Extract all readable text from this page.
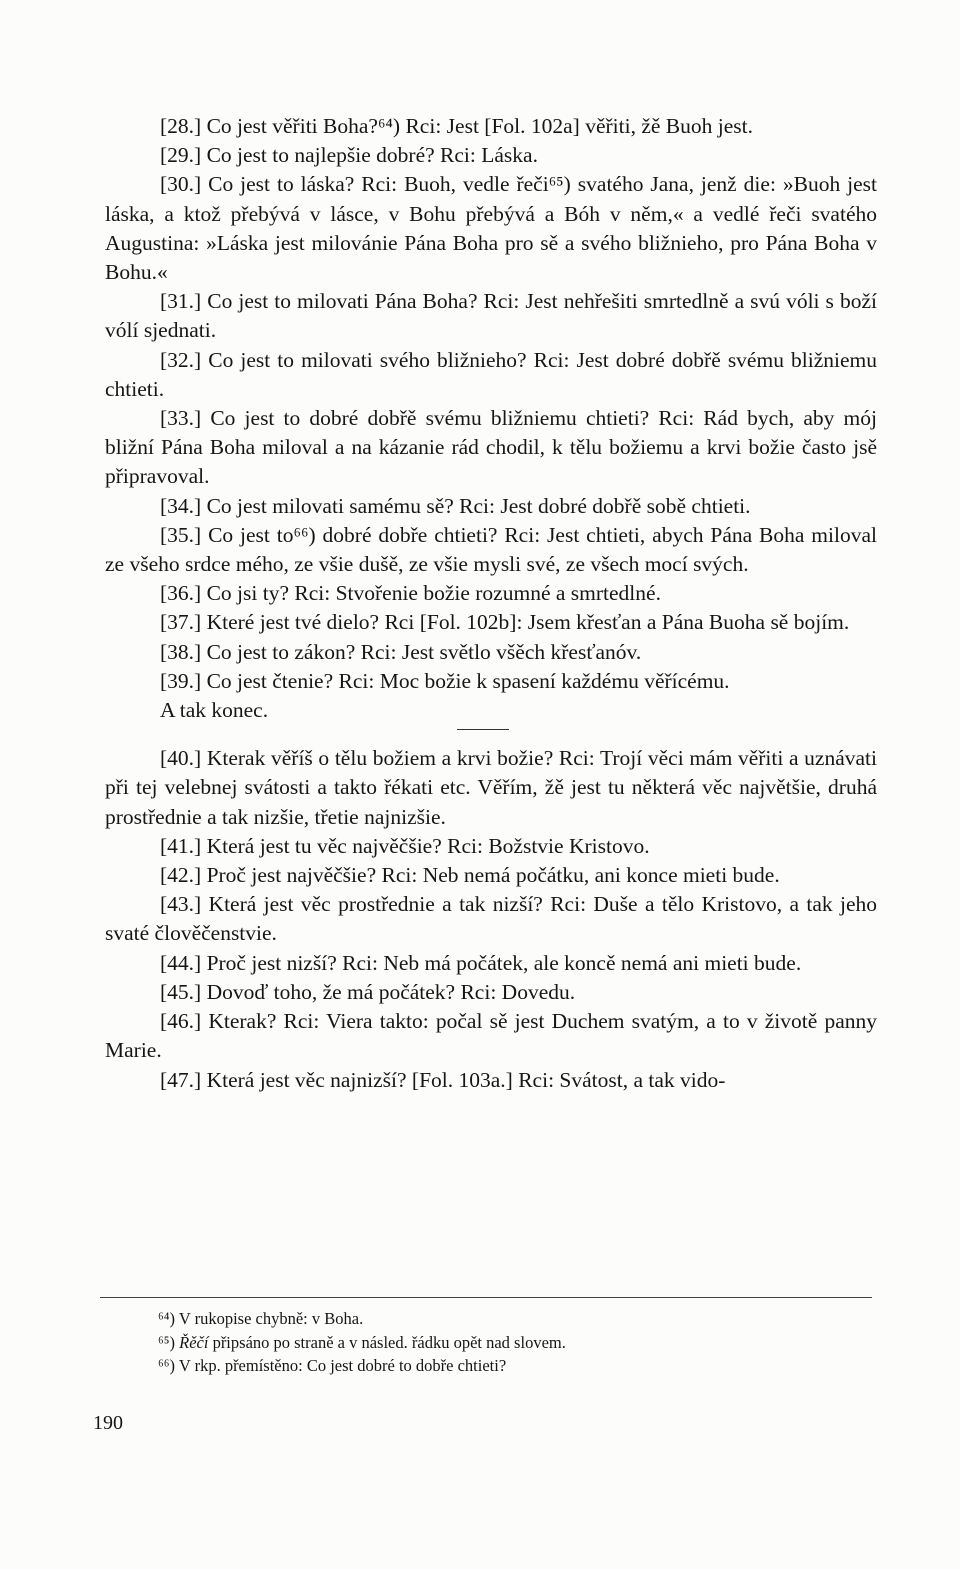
[28.] Co jest věřiti Boha?⁶⁴) Rci: Jest [Fol. 102a] věřiti, žě Buoh jest.

[29.] Co jest to najlepšie dobré? Rci: Láska.

[30.] Co jest to láska? Rci: Buoh, vedle řeči⁶⁵) svatého Jana, jenž die: »Buoh jest láska, a ktož přebývá v lásce, v Bohu přebývá a Bóh v něm,« a vedlé řeči svatého Augustina: »Láska jest milovánie Pána Boha pro sě a svého bližnieho, pro Pána Boha v Bohu.«

[31.] Co jest to milovati Pána Boha? Rci: Jest nehřešiti smrtedlně a svú vóli s boží vólí sjednati.

[32.] Co jest to milovati svého bližnieho? Rci: Jest dobré dobřě svému bližniemu chtieti.

[33.] Co jest to dobré dobřě svému bližniemu chtieti? Rci: Rád bych, aby mój bližní Pána Boha miloval a na kázanie rád chodil, k tělu božiemu a krvi božie často jsě připravoval.

[34.] Co jest milovati samému sě? Rci: Jest dobré dobřě sobě chtieti.

[35.] Co jest to⁶⁶) dobré dobře chtieti? Rci: Jest chtieti, abych Pána Boha miloval ze všeho srdce mého, ze všie dušě, ze všie mysli své, ze všech mocí svých.

[36.] Co jsi ty? Rci: Stvořenie božie rozumné a smrtedlné.

[37.] Které jest tvé dielo? Rci [Fol. 102b]: Jsem křesťan a Pána Buoha sě bojím.

[38.] Co jest to zákon? Rci: Jest světlo všěch křesťanóv.

[39.] Co jest čtenie? Rci: Moc božie k spasení každému věřícému.

A tak konec.

[40.] Kterak věříš o tělu božiem a krvi božie? Rci: Trojí věci mám věřiti a uznávati při tej velebnej svátosti a takto řékati etc. Věřím, žě jest tu některá věc najvětšie, druhá prostřednie a tak nizšie, třetie najnizšie.

[41.] Která jest tu věc najvěčšie? Rci: Božstvie Kristovo.

[42.] Proč jest najvěčšie? Rci: Neb nemá počátku, ani konce mieti bude.

[43.] Která jest věc prostřednie a tak nizší? Rci: Duše a tělo Kristovo, a tak jeho svaté člověčenstvie.

[44.] Proč jest nizší? Rci: Neb má počátek, ale koncě nemá ani mieti bude.

[45.] Dovoď toho, že má počátek? Rci: Dovedu.

[46.] Kterak? Rci: Viera takto: počal sě jest Duchem svatým, a to v životě panny Marie.

[47.] Která jest věc najnizší? [Fol. 103a.] Rci: Svátost, a tak vido-

⁶⁴) V rukopise chybně: v Boha.

⁶⁵) Řěčí připsáno po straně a v násled. řádku opět nad slovem.

⁶⁶) V rkp. přemístěno: Co jest dobré to dobře chtieti?

190
